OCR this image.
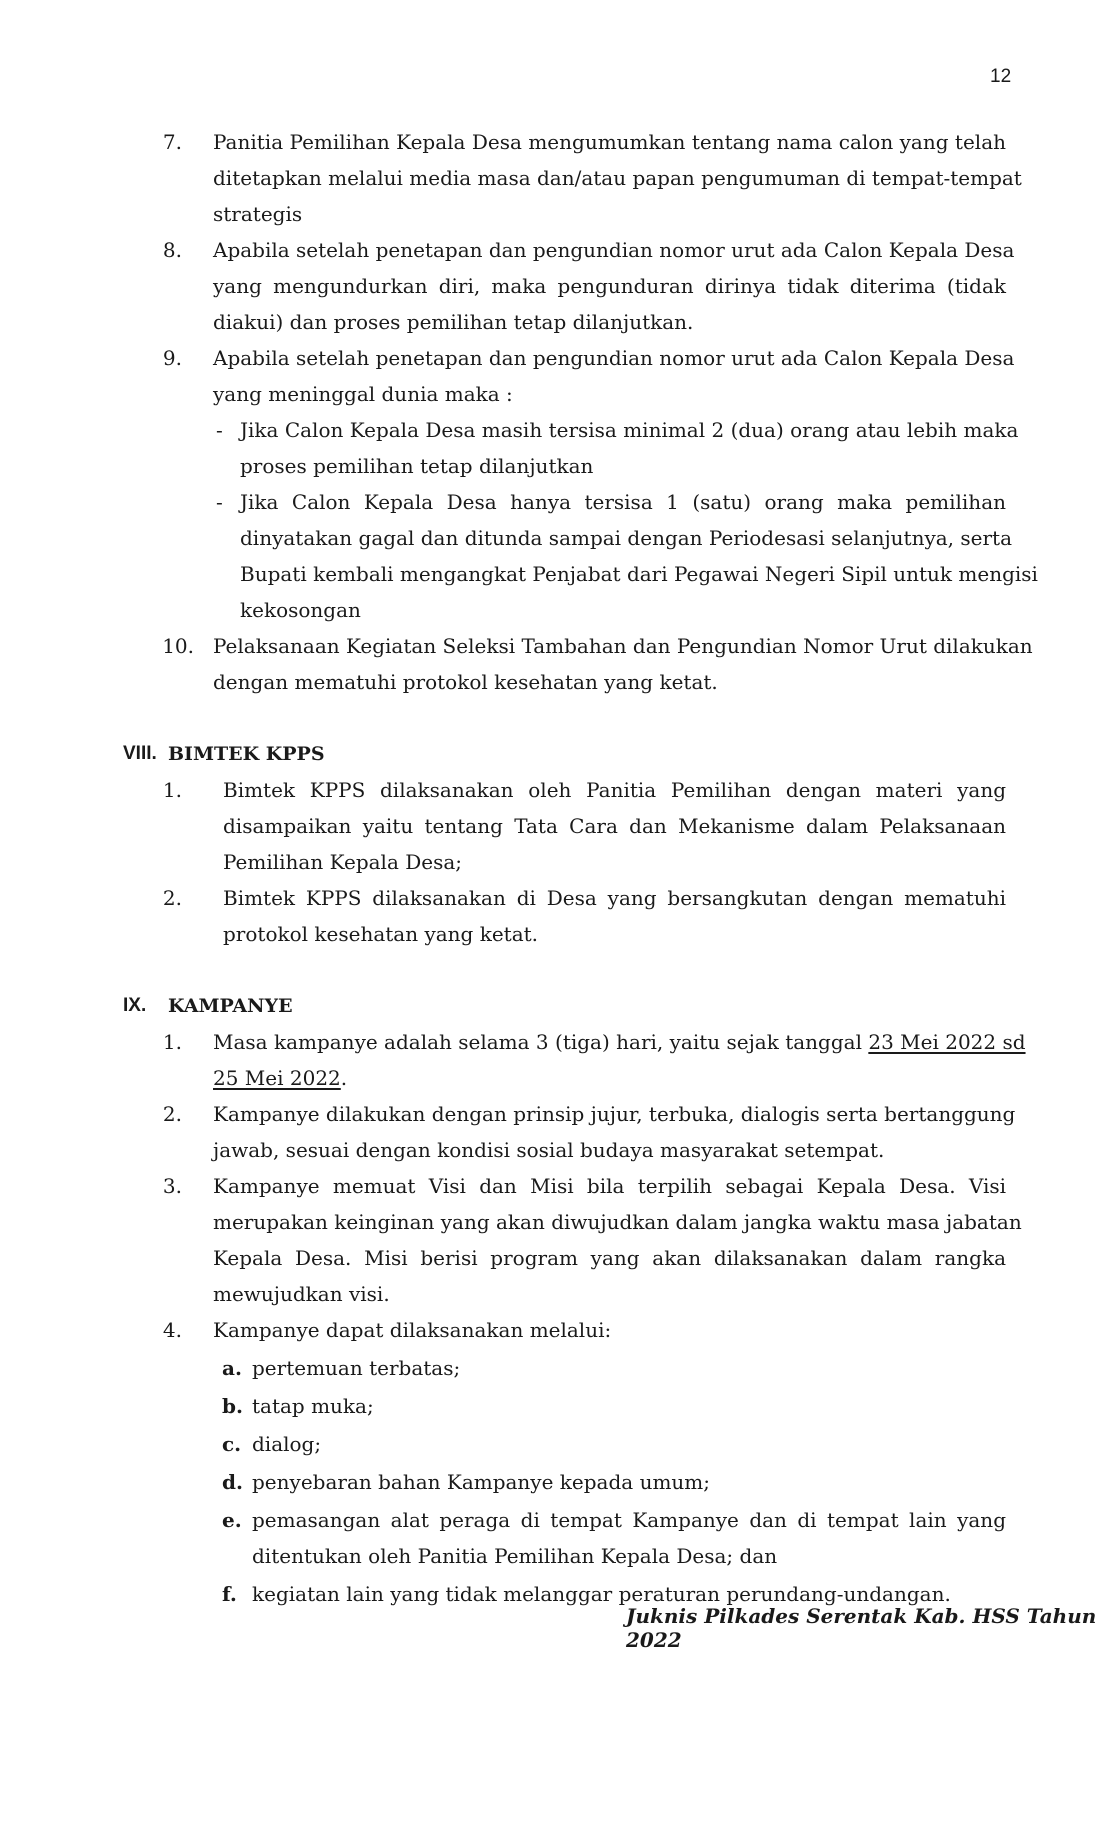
12
7. Panitia Pemilihan Kepala Desa mengumumkan tentang nama calon yang telah
ditetapkan melalui media masa dan/atau papan pengumuman di tempat-tempat
strategis
8. Apabila setelah penetapan dan pengundian nomor urut ada Calon Kepala Desa
yang mengundurkan diri, maka pengunduran dirinya tidak diterima (tidak
diakui) dan proses pemilihan tetap dilanjutkan.
9. Apabila setelah penetapan dan pengundian nomor urut ada Calon Kepala Desa
yang meninggal dunia maka :
- Jika Calon Kepala Desa masih tersisa minimal 2 (dua) orang atau lebih maka
proses pemilihan tetap dilanjutkan
- Jika Calon Kepala Desa hanya tersisa 1 (satu) orang maka pemilihan
dinyatakan gagal dan ditunda sampai dengan Periodesasi selanjutnya, serta
Bupati kembali mengangkat Penjabat dari Pegawai Negeri Sipil untuk mengisi
kekosongan
10. Pelaksanaan Kegiatan Seleksi Tambahan dan Pengundian Nomor Urut dilakukan
dengan mematuhi protokol kesehatan yang ketat.
VIII. BIMTEK KPPS
1. Bimtek KPPS dilaksanakan oleh Panitia Pemilihan dengan materi yang
disampaikan yaitu tentang Tata Cara dan Mekanisme dalam Pelaksanaan
Pemilihan Kepala Desa;
2. Bimtek KPPS dilaksanakan di Desa yang bersangkutan dengan mematuhi
protokol kesehatan yang ketat.
IX. KAMPANYE
1. Masa kampanye adalah selama 3 (tiga) hari, yaitu sejak tanggal 23 Mei 2022 sd
25 Mei 2022.
2. Kampanye dilakukan dengan prinsip jujur, terbuka, dialogis serta bertanggung
jawab, sesuai dengan kondisi sosial budaya masyarakat setempat.
3. Kampanye memuat Visi dan Misi bila terpilih sebagai Kepala Desa. Visi
merupakan keinginan yang akan diwujudkan dalam jangka waktu masa jabatan
Kepala Desa. Misi berisi program yang akan dilaksanakan dalam rangka
mewujudkan visi.
4. Kampanye dapat dilaksanakan melalui:
a. pertemuan terbatas;
b. tatap muka;
c. dialog;
d. penyebaran bahan Kampanye kepada umum;
e. pemasangan alat peraga di tempat Kampanye dan di tempat lain yang
ditentukan oleh Panitia Pemilihan Kepala Desa; dan
f. kegiatan lain yang tidak melanggar peraturan perundang-undangan.
Juknis Pilkades Serentak Kab. HSS Tahun 2022
